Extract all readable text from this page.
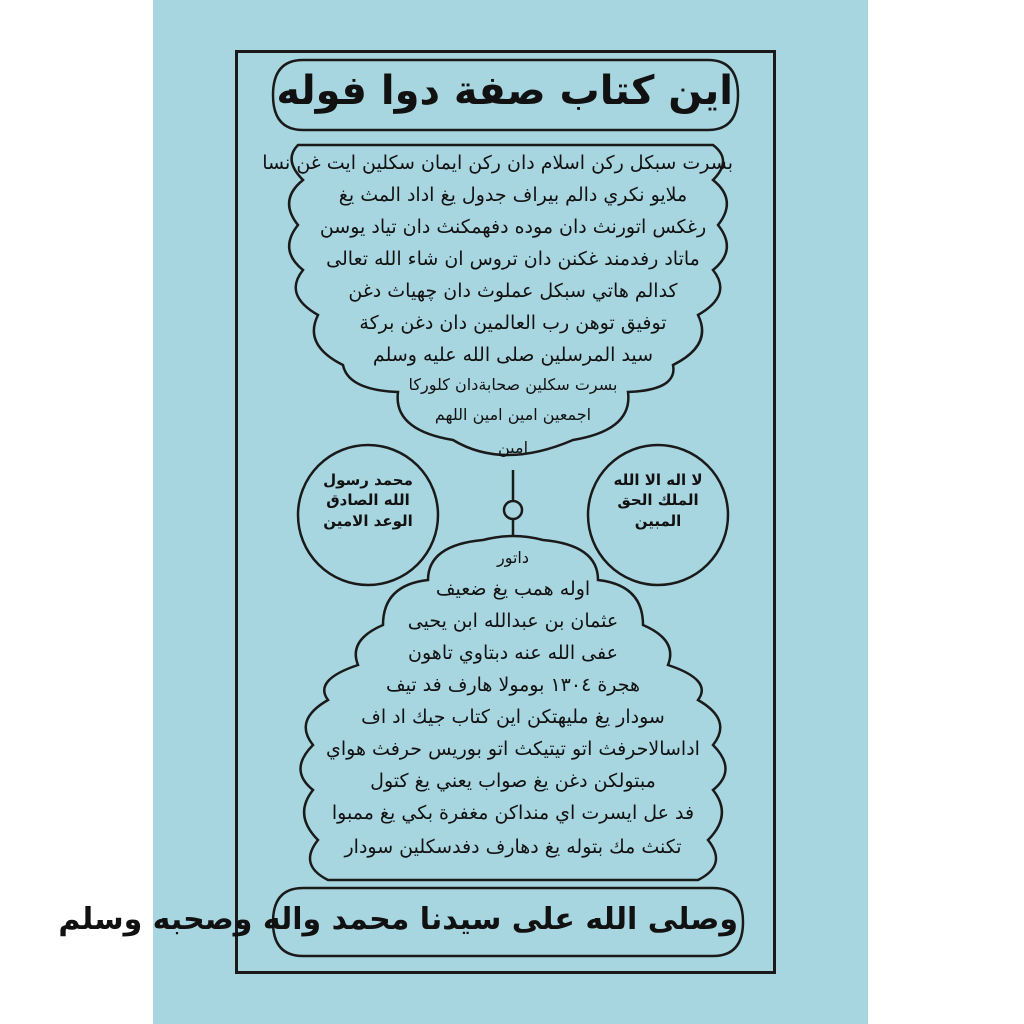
اين كتاب صفة دوا فوله
بسرت سبكل ركن اسلام دان ركن ايمان سكلين ايت غن نسا
ملايو نكري دالم بيراف جدول يغ اداد المث يغ
رغكس اتورنث دان موده دفهمكنث دان تياد يوسن
ماتاد رفدمند غكنن دان تروس ان شاء الله تعالى
كدالم هاتي سبكل عملوث دان چهياث دغن
توفيق توهن رب العالمين دان دغن بركة
سيد المرسلين صلى الله عليه وسلم
بسرت سكلين صحابةدان كلوركا
اجمعين امين امين اللهم
امين
محمد رسول الله الصادق الوعد الامين
لا اله الا الله الملك الحق المبين
داتور
اوله همب يغ ضعيف
عثمان بن عبدالله ابن يحيى
عفى الله عنه دبتاوي تاهون
هجرة ١٣٠٤ بومولا هارف فد تيف
سودار يغ مليهتكن اين كتاب جيك اد اف
اداسالاحرفث اتو تيتيكث اتو بوريس حرفث هواي
مبتولكن دغن يغ صواب يعني يغ كتول
فد عل ايسرت اي منداكن مغفرة بكي يغ ممبوا
تكنث مك بتوله يغ دهارف دفدسكلين سودار
وصلى الله على سيدنا محمد واله وصحبه وسلم
